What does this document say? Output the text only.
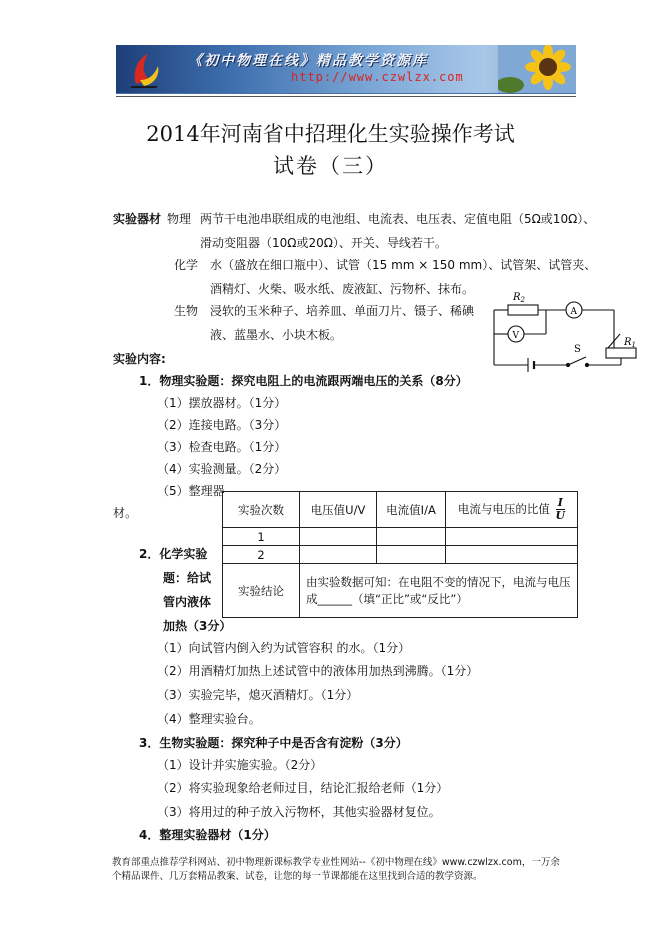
《初中物理在线》精品教学资源库
http://www.czwlzx.com
2014年河南省中招理化生实验操作考试
试卷（三）
实验器材 物理 两节干电池串联组成的电池组、电流表、电压表、定值电阻（5Ω或10Ω）、
滑动变阻器（10Ω或20Ω）、开关、导线若干。
化学 水（盛放在细口瓶中）、试管（15 mm × 150 mm）、试管架、试管夹、
酒精灯、火柴、吸水纸、废液缸、污物杯、抹布。
生物 浸软的玉米种子、培养皿、单面刀片、镊子、稀碘
液、蓝墨水、小块木板。
$R_2$
V
A
S
$R_1$
实验内容:
1．物理实验题：探究电阻上的电流跟两端电压的关系（8分）
（1）摆放器材。（1分）
（2）连接电路。（3分）
（3）检查电路。（1分）
（4）实验测量。（2分）
（5）整理器
材。	实验次数	电压值U/V	电流值I/A	电流与电压的比值 $\frac{I}{U}$

1			
2			
实验结论	由实验数据可知：在电阻不变的情况下，电流与电压
成______（填“正比”或“反比”）		
2．化学实验
题：给试
管内液体
加热（3分）
（1）向试管内倒入约为试管容积 的水。（1分）
（2）用酒精灯加热上述试管中的液体用加热到沸腾。（1分）
（3）实验完毕，熄灭酒精灯。（1分）
（4）整理实验台。
3．生物实验题：探究种子中是否含有淀粉（3分）
（1）设计并实施实验。（2分）
（2）将实验现象给老师过目，结论汇报给老师（1分）
（3）将用过的种子放入污物杯，其他实验器材复位。
4．整理实验器材（1分）
教育部重点推荐学科网站、初中物理新课标教学专业性网站--《初中物理在线》www.czwlzx.com，一万余
个精品课件、几万套精品教案、试卷，让您的每一节课都能在这里找到合适的教学资源。
